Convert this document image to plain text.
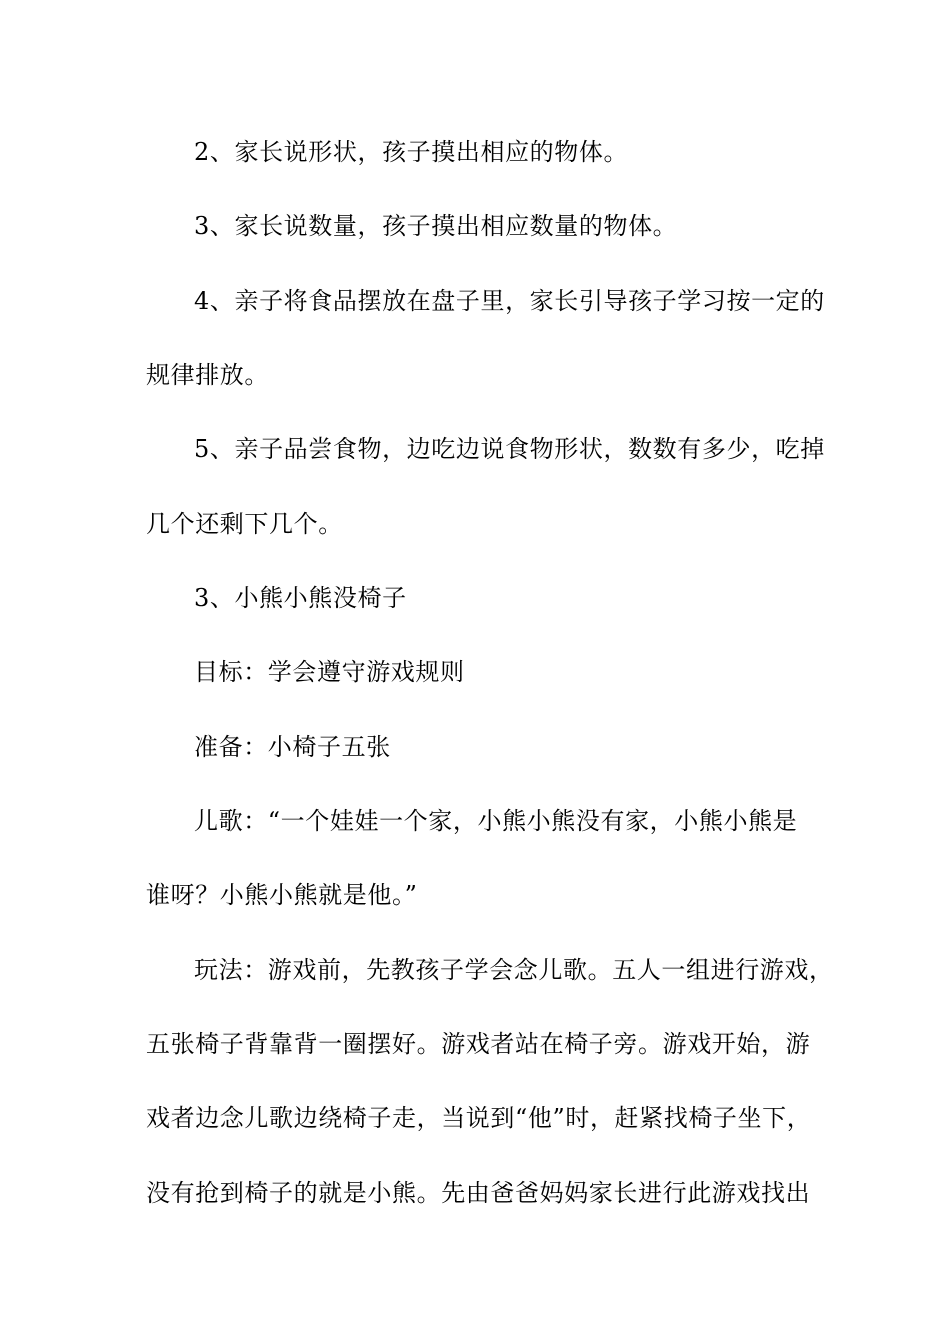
2、家长说形状，孩子摸出相应的物体。
3、家长说数量，孩子摸出相应数量的物体。
4、亲子将食品摆放在盘子里，家长引导孩子学习按一定的
规律排放。
5、亲子品尝食物，边吃边说食物形状，数数有多少，吃掉
几个还剩下几个。
3、小熊小熊没椅子
目标：学会遵守游戏规则
准备：小椅子五张
儿歌：“一个娃娃一个家，小熊小熊没有家，小熊小熊是
谁呀？小熊小熊就是他。”
玩法：游戏前，先教孩子学会念儿歌。五人一组进行游戏，
五张椅子背靠背一圈摆好。游戏者站在椅子旁。游戏开始，游
戏者边念儿歌边绕椅子走，当说到“他”时，赶紧找椅子坐下，
没有抢到椅子的就是小熊。先由爸爸妈妈家长进行此游戏找出
